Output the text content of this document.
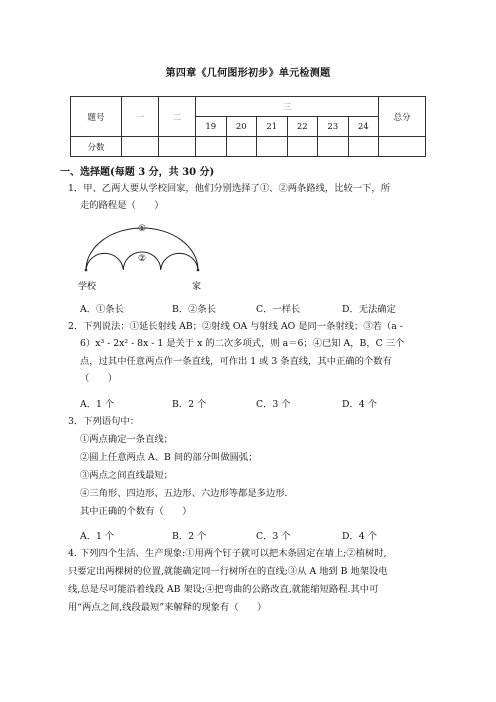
第四章《几何图形初步》单元检测题
题号	一	二	三						总分
			19	20	21	22	23	24	
分数									
一、选择题(每题 3 分，共 30 分)
1．甲、乙两人要从学校回家，他们分别选择了①、②两条路线，比较一下，所
走的路程是（　　）
①
②
学校	家
A．①条长	B．②条长	C．一样长	D．无法确定
2．下列说法：①延长射线 AB；②射线 OA 与射线 AO 是同一条射线；③若（a -
6）x³ - 2x² - 8x - 1 是关于 x 的二次多项式，则 a＝6；④已知 A，B，C 三个
点，过其中任意两点作一条直线，可作出 1 或 3 条直线，其中正确的个数有
（　　）
A．1 个	B．2 个	C．3 个	D．4 个
3．下列语句中：
①两点确定一条直线；
②圆上任意两点 A、B 间的部分叫做圆弧；
③两点之间直线最短；
④三角形、四边形、五边形、六边形等都是多边形.
其中正确的个数有（　　）
A．1 个	B．2 个	C．3 个	D．4 个
4. 下列四个生活、生产现象:①用两个钉子就可以把木条固定在墙上;②植树时,
只要定出两棵树的位置,就能确定同一行树所在的直线;③从 A 地到 B 地架设电
线,总是尽可能沿着线段 AB 架设;④把弯曲的公路改直,就能缩短路程.其中可
用“两点之间,线段最短”来解释的现象有（　　）
